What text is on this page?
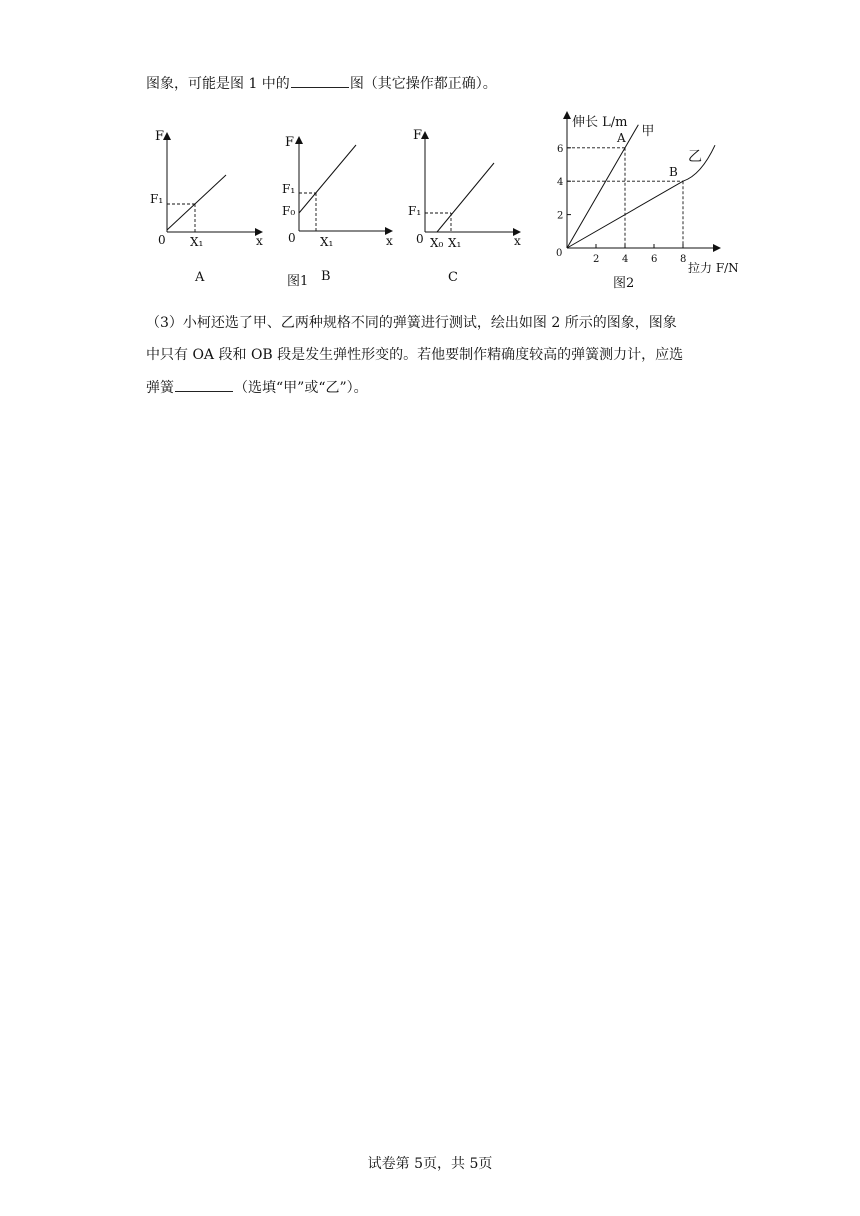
图象，可能是图 1 中的	图（其它操作都正确）。
F
F₁
0 X₁	x
A
F
F₁
F₀
0 X₁	x
图1 B
F
F₁
0 X₀ X₁	x
C
2
4
6
2 4 6 8
A 甲
B
乙
伸长 L/m
拉力 F/N
0
图2
（3）小柯还选了甲、乙两种规格不同的弹簧进行测试，绘出如图 2 所示的图象，图象
中只有 OA 段和 OB 段是发生弹性形变的。若他要制作精确度较高的弹簧测力计，应选
弹簧	（选填“甲”或“乙”）。
试卷第 5页，共 5页
